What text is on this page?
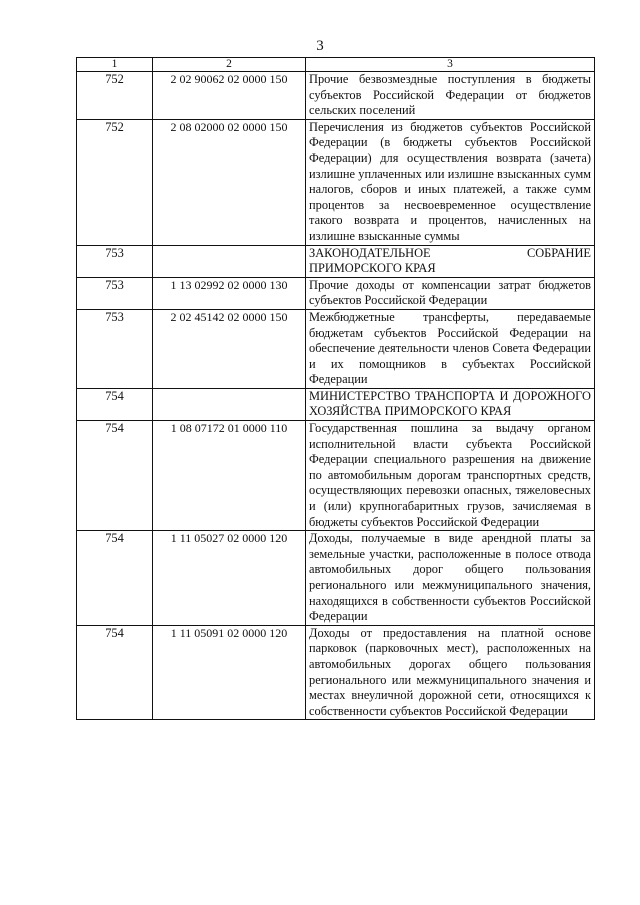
3
1	2	3
752	2 02 90062 02 0000 150	Прочие безвозмездные поступления в бюджеты субъектов Российской Федерации от бюджетов сельских поселений
752	2 08 02000 02 0000 150	Перечисления из бюджетов субъектов Российской Федерации (в бюджеты субъектов Российской Федерации) для осуществления возврата (зачета) излишне уплаченных или излишне взысканных сумм налогов, сборов и иных платежей, а также сумм процентов за несвоевременное осуществление такого возврата и процентов, начисленных на излишне взысканные суммы
753		ЗАКОНОДАТЕЛЬНОЕ СОБРАНИЕ ПРИМОРСКОГО КРАЯ
753	1 13 02992 02 0000 130	Прочие доходы от компенсации затрат бюджетов субъектов Российской Федерации
753	2 02 45142 02 0000 150	Межбюджетные трансферты, передаваемые бюджетам субъектов Российской Федерации на обеспечение деятельности членов Совета Федерации и их помощников в субъектах Российской Федерации
754		МИНИСТЕРСТВО ТРАНСПОРТА И ДОРОЖНОГО ХОЗЯЙСТВА ПРИМОРСКОГО КРАЯ
754	1 08 07172 01 0000 110	Государственная пошлина за выдачу органом исполнительной власти субъекта Российской Федерации специального разрешения на движение по автомобильным дорогам транспортных средств, осуществляющих перевозки опасных, тяжеловесных и (или) крупногабаритных грузов, зачисляемая в бюджеты субъектов Российской Федерации
754	1 11 05027 02 0000 120	Доходы, получаемые в виде арендной платы за земельные участки, расположенные в полосе отвода автомобильных дорог общего пользования регионального или межмуниципального значения, находящихся в собственности субъектов Российской Федерации
754	1 11 05091 02 0000 120	Доходы от предоставления на платной основе парковок (парковочных мест), расположенных на автомобильных дорогах общего пользования регионального или межмуниципального значения и местах внеуличной дорожной сети, относящихся к собственности субъектов Российской Федерации
